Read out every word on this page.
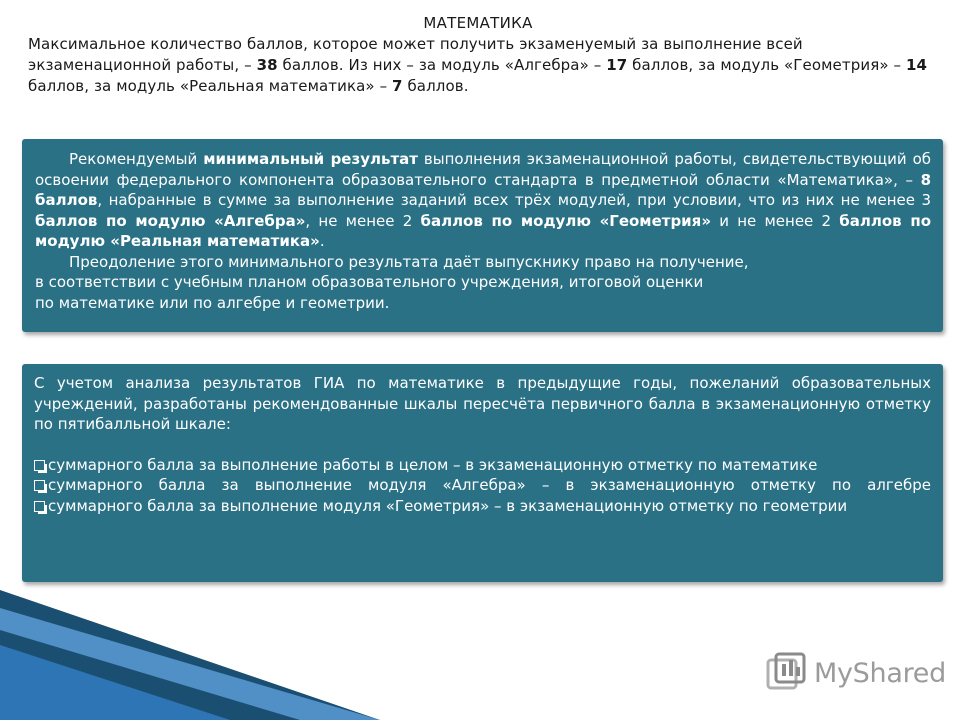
МАТЕМАТИКА

Максимальное количество баллов, которое может получить экзаменуемый за выполнение всей экзаменационной работы, – 38 баллов. Из них – за модуль «Алгебра» – 17 баллов, за модуль «Геометрия» – 14 баллов, за модуль «Реальная математика» – 7 баллов.

Рекомендуемый минимальный результат выполнения экзаменационной работы, свидетельствующий об освоении федерального компонента образовательного стандарта в предметной области «Математика», – 8 баллов, набранные в сумме за выполнение заданий всех трёх модулей, при условии, что из них не менее 3 баллов по модулю «Алгебра», не менее 2 баллов по модулю «Геометрия» и не менее 2 баллов по модулю «Реальная математика».

Преодоление этого минимального результата даёт выпускнику право на получение,

в соответствии с учебным планом образовательного учреждения, итоговой оценки

по математике или по алгебре и геометрии.

С учетом анализа результатов ГИА по математике в предыдущие годы, пожеланий образовательных учреждений, разработаны рекомендованные шкалы пересчёта первичного балла в экзаменационную отметку по пятибалльной шкале:

суммарного балла за выполнение работы в целом – в экзаменационную отметку по математике
суммарного балла за выполнение модуля «Алгебра» – в экзаменационную отметку по алгебре
суммарного балла за выполнение модуля «Геометрия» – в экзаменационную отметку по геометрии
MyShared
